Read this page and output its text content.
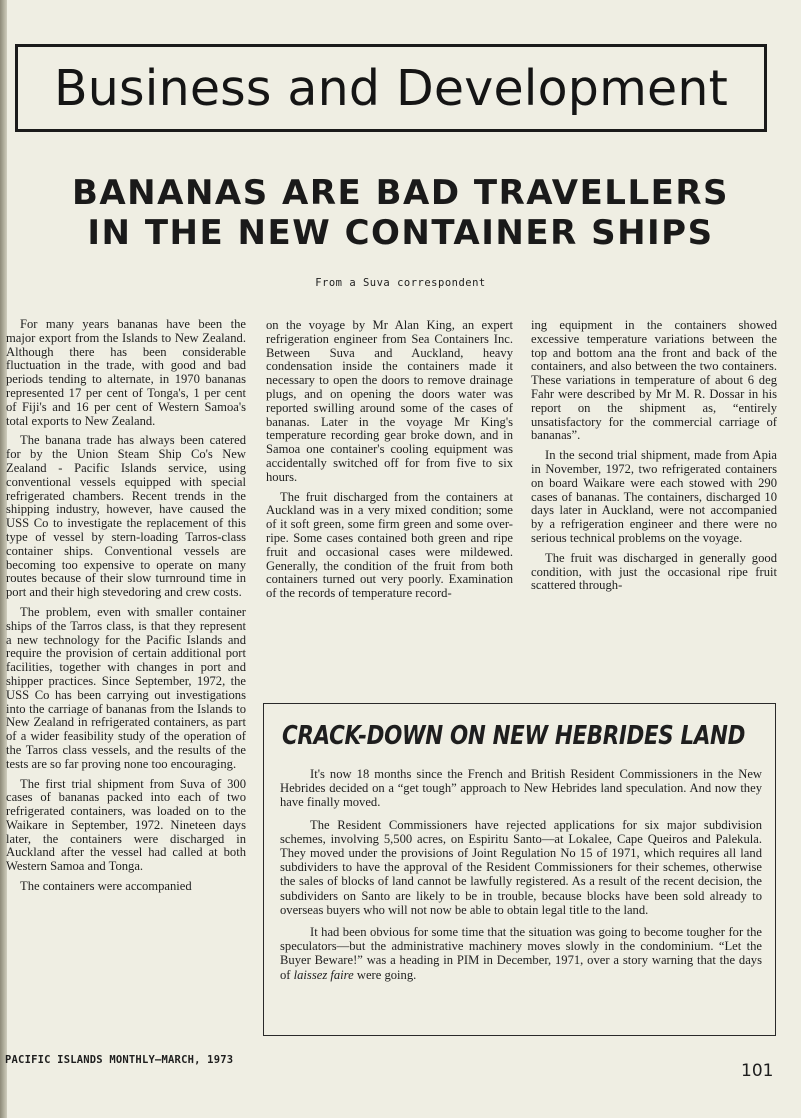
Business and Development
BANANAS ARE BAD TRAVELLERS
IN THE NEW CONTAINER SHIPS
From a Suva correspondent

For many years bananas have been the major export from the Islands to New Zealand. Although there has been considerable fluctuation in the trade, with good and bad periods tending to alternate, in 1970 bananas represented 17 per cent of Tonga's, 1 per cent of Fiji's and 16 per cent of Western Samoa's total exports to New Zealand.

The banana trade has always been catered for by the Union Steam Ship Co's New Zealand - Pacific Islands service, using conventional vessels equipped with special refrigerated chambers. Recent trends in the shipping industry, however, have caused the USS Co to investigate the replacement of this type of vessel by stern-loading Tarros-class container ships. Conventional vessels are becoming too expensive to operate on many routes because of their slow turnround time in port and their high stevedoring and crew costs.

The problem, even with smaller container ships of the Tarros class, is that they represent a new technology for the Pacific Islands and require the provision of certain additional port facilities, together with changes in port and shipper practices. Since September, 1972, the USS Co has been carrying out investigations into the carriage of bananas from the Islands to New Zealand in refrigerated containers, as part of a wider feasibility study of the operation of the Tarros class vessels, and the results of the tests are so far proving none too encouraging.

The first trial shipment from Suva of 300 cases of bananas packed into each of two refrigerated containers, was loaded on to the Waikare in September, 1972. Nineteen days later, the containers were discharged in Auckland after the vessel had called at both Western Samoa and Tonga.

The containers were accompanied

on the voyage by Mr Alan King, an expert refrigeration engineer from Sea Containers Inc. Between Suva and Auckland, heavy condensation inside the containers made it necessary to open the doors to remove drainage plugs, and on opening the doors water was reported swilling around some of the cases of bananas. Later in the voyage Mr King's temperature recording gear broke down, and in Samoa one container's cooling equipment was accidentally switched off for from five to six hours.

The fruit discharged from the containers at Auckland was in a very mixed condition; some of it soft green, some firm green and some over-ripe. Some cases contained both green and ripe fruit and occasional cases were mildewed. Generally, the condition of the fruit from both containers turned out very poorly. Examination of the records of temperature record-

ing equipment in the containers showed excessive temperature variations between the top and bottom ana the front and back of the containers, and also between the two containers. These variations in temperature of about 6 deg Fahr were described by Mr M. R. Dossar in his report on the shipment as, “entirely unsatisfactory for the commercial carriage of bananas”.

In the second trial shipment, made from Apia in November, 1972, two refrigerated containers on board Waikare were each stowed with 290 cases of bananas. The containers, discharged 10 days later in Auckland, were not accompanied by a refrigeration engineer and there were no serious technical problems on the voyage.

The fruit was discharged in generally good condition, with just the occasional ripe fruit scattered through-

CRACK-DOWN ON NEW HEBRIDES LAND

It's now 18 months since the French and British Resident Commissioners in the New Hebrides decided on a “get tough” approach to New Hebrides land speculation. And now they have finally moved.

The Resident Commissioners have rejected applications for six major subdivision schemes, involving 5,500 acres, on Espiritu Santo—at Lokalee, Cape Queiros and Palekula. They moved under the provisions of Joint Regulation No 15 of 1971, which requires all land subdividers to have the approval of the Resident Commissioners for their schemes, otherwise the sales of blocks of land cannot be lawfully registered. As a result of the recent decision, the subdividers on Santo are likely to be in trouble, because blocks have been sold already to overseas buyers who will not now be able to obtain legal title to the land.

It had been obvious for some time that the situation was going to become tougher for the speculators—but the administrative machinery moves slowly in the condominium. “Let the Buyer Beware!” was a heading in PIM in December, 1971, over a story warning that the days of laissez faire were going.

PACIFIC ISLANDS MONTHLY—MARCH, 1973
101
